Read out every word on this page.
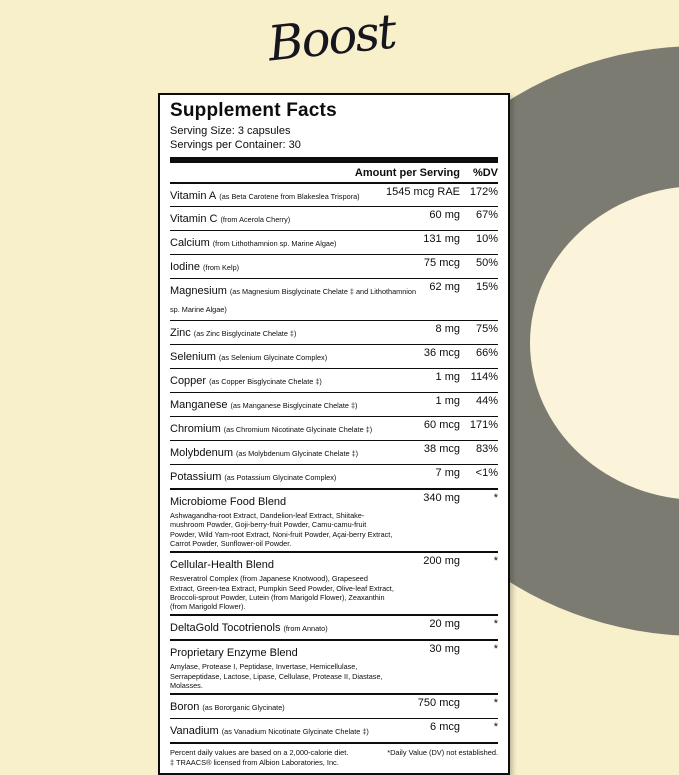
Boost
Supplement Facts
Serving Size: 3 capsules
Servings per Container: 30
Amount per Serving	%DV
Vitamin A (as Beta Carotene from Blakeslea Trispora)	1545 mcg RAE 172%
Vitamin C (from Acerola Cherry)	60 mg	67%
Calcium (from Lithothamnion sp. Marine Algae)	131 mg	10%
Iodine (from Kelp)	75 mcg	50%
Magnesium (as Magnesium Bisglycinate Chelate ‡ and Lithothamnion sp. Marine Algae)
62 mg	15%
Zinc (as Zinc Bisglycinate Chelate ‡)	8 mg	75%
Selenium (as Selenium Glycinate Complex)	36 mcg	66%
Copper (as Copper Bisglycinate Chelate ‡)	1 mg 114%
Manganese (as Manganese Bisglycinate Chelate ‡)	1 mg	44%
Chromium (as Chromium Nicotinate Glycinate Chelate ‡)	60 mcg 171%
Molybdenum (as Molybdenum Glycinate Chelate ‡)	38 mcg	83%
Potassium (as Potassium Glycinate Complex)	7 mg	<1%
Microbiome Food Blend	340 mg	*
Ashwagandha-root Extract, Dandelion-leaf Extract, Shiitake-mushroom Powder, Goji-berry-fruit Powder, Camu-camu-fruit Powder, Wild Yam-root Extract, Noni-fruit Powder, Açai-berry Extract, Carrot Powder, Sunflower-oil Powder.
Cellular-Health Blend	200 mg	*
Resveratrol Complex (from Japanese Knotwood), Grapeseed Extract, Green-tea Extract, Pumpkin Seed Powder, Olive-leaf Extract, Broccoli-sprout Powder, Lutein (from Marigold Flower), Zeaxanthin (from Marigold Flower).
DeltaGold Tocotrienols (from Annato)	20 mg	*
Proprietary Enzyme Blend	30 mg	*
Amylase, Protease I, Peptidase, Invertase, Hemicellulase, Serrapeptidase, Lactose, Lipase, Cellulase, Protease II, Diastase, Molasses.
Boron (as Bororganic Glycinate)	750 mcg	*
Vanadium (as Vanadium Nicotinate Glycinate Chelate ‡)	6 mcg	*
Percent daily values are based on a 2,000-calorie diet.	*Daily Value (DV) not established.
‡ TRAACS® licensed from Albion Laboratories, Inc.
